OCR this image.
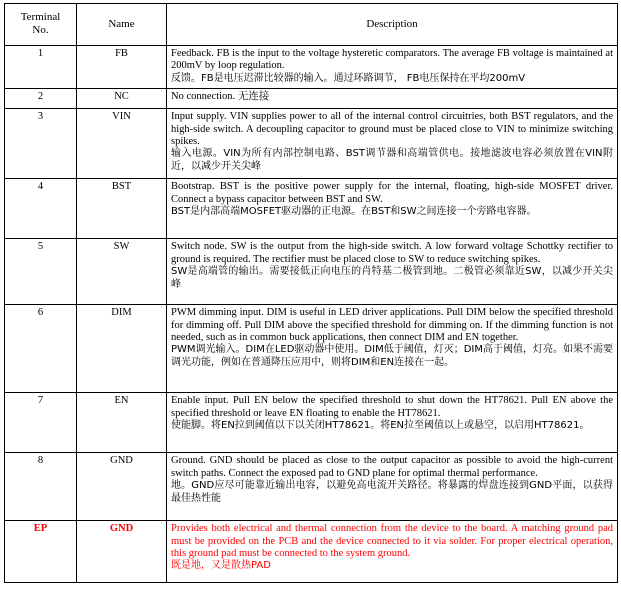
Terminal
No.	Name	Description
1	FB	Feedback. FB is the input to the voltage hysteretic comparators. The average FB voltage is maintained at 200mV by loop regulation.

反馈。FB是电压迟滞比较器的输入。通过环路调节， FB电压保持在平均200mV

2	NC	No connection. 无连接

3	VIN	Input supply. VIN supplies power to all of the internal control circuitries, both BST regulators, and the high-side switch. A decoupling capacitor to ground must be placed close to VIN to minimize switching spikes.

输入电源。VIN为所有内部控制电路、BST调节器和高端管供电。接地滤波电容必须放置在VIN附近，以减少开关尖峰

4	BST	Bootstrap. BST is the positive power supply for the internal, floating, high-side MOSFET driver. Connect a bypass capacitor between BST and SW.

BST是内部高端MOSFET驱动器的正电源。在BST和SW之间连接一个旁路电容器。

5	SW	Switch node. SW is the output from the high-side switch. A low forward voltage Schottky rectifier to ground is required. The rectifier must be placed close to SW to reduce switching spikes.

SW是高端管的输出。需要接低正向电压的肖特基二极管到地。二极管必须靠近SW，以减少开关尖峰

6	DIM	PWM dimming input. DIM is useful in LED driver applications. Pull DIM below the specified threshold for dimming off. Pull DIM above the specified threshold for dimming on. If the dimming function is not needed, such as in common buck applications, then connect DIM and EN together.

PWM调光输入。DIM在LED驱动器中使用。DIM低于阈值，灯灭；DIM高于阈值，灯亮。如果不需要调光功能，例如在普通降压应用中，则将DIM和EN连接在一起。

7	EN	Enable input. Pull EN below the specified threshold to shut down the HT78621. Pull EN above the specified threshold or leave EN floating to enable the HT78621.

使能脚。将EN拉到阈值以下以关闭HT78621。将EN拉至阈值以上或悬空，以启用HT78621。

8	GND	Ground. GND should be placed as close to the output capacitor as possible to avoid the high-current switch paths. Connect the exposed pad to GND plane for optimal thermal performance.

地。GND应尽可能靠近输出电容，以避免高电流开关路径。将暴露的焊盘连接到GND平面，以获得最佳热性能

EP	GND	Provides both electrical and thermal connection from the device to the board. A matching ground pad must be provided on the PCB and the device connected to it via solder. For proper electrical operation, this ground pad must be connected to the system ground.

既是地，又是散热PAD
